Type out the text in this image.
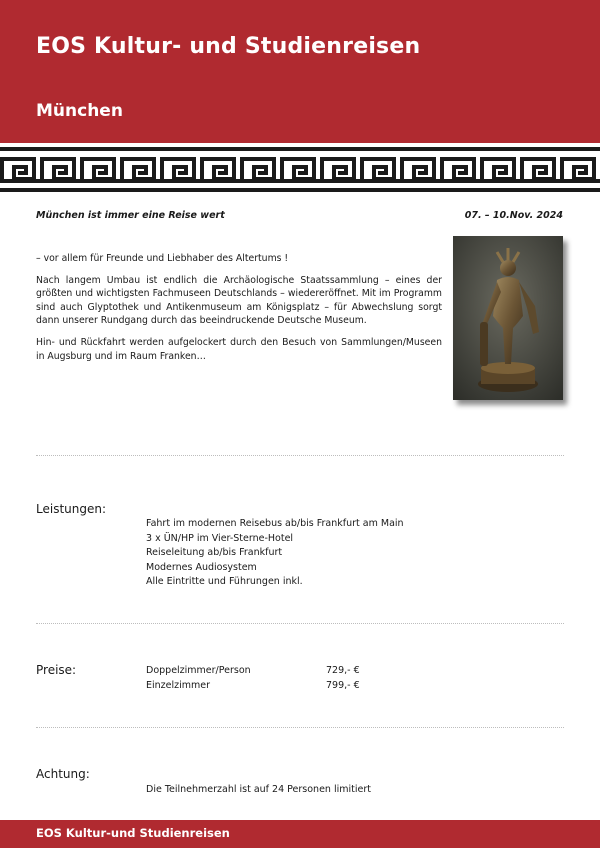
EOS Kultur- und Studienreisen
München
München ist immer eine Reise wert	07. – 10.Nov. 2024

– vor allem für Freunde und Liebhaber des Altertums !

Nach langem Umbau ist endlich die Archäologische Staatssammlung – eines der größten und wichtigsten Fachmuseen Deutschlands – wiedereröffnet. Mit im Programm sind auch Glyptothek und Antikenmuseum am Königsplatz – für Abwechslung sorgt dann unserer Rundgang durch das beeindruckende Deutsche Museum.

Hin- und Rückfahrt werden aufgelockert durch den Besuch von Sammlungen/Museen in Augsburg und im Raum Franken…

Leistungen:
Fahrt im modernen Reisebus ab/bis Frankfurt am Main
3 x ÜN/HP im Vier-Sterne-Hotel
Reiseleitung ab/bis Frankfurt
Modernes Audiosystem
Alle Eintritte und Führungen inkl.
Preise:	Doppelzimmer/Person	729,- €
Einzelzimmer	799,- €
Achtung:
Die Teilnehmerzahl ist auf 24 Personen limitiert
EOS Kultur-und Studienreisen
